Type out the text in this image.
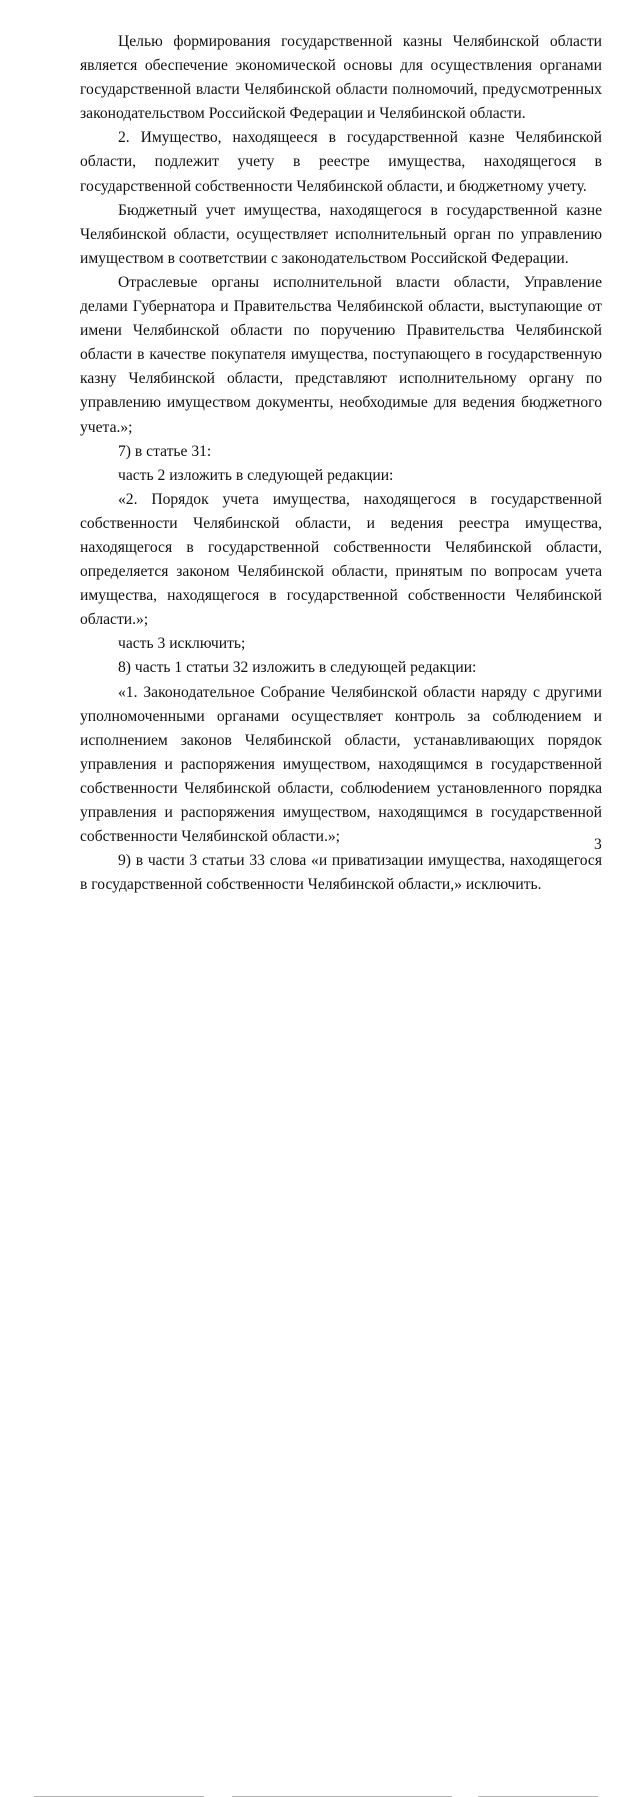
Целью формирования государственной казны Челябинской области является обеспечение экономической основы для осуществления органами государственной власти Челябинской области полномочий, предусмотренных законодательством Российской Федерации и Челябинской области.

2. Имущество, находящееся в государственной казне Челябинской области, подлежит учету в реестре имущества, находящегося в государственной собственности Челябинской области, и бюджетному учету.

Бюджетный учет имущества, находящегося в государственной казне Челябинской области, осуществляет исполнительный орган по управлению имуществом в соответствии с законодательством Российской Федерации.

Отраслевые органы исполнительной власти области, Управление делами Губернатора и Правительства Челябинской области, выступающие от имени Челябинской области по поручению Правительства Челябинской области в качестве покупателя имущества, поступающего в государственную казну Челябинской области, представляют исполнительному органу по управлению имуществом документы, необходимые для ведения бюджетного учета.»;

7) в статье 31:

часть 2 изложить в следующей редакции:

«2. Порядок учета имущества, находящегося в государственной собственности Челябинской области, и ведения реестра имущества, находящегося в государственной собственности Челябинской области, определяется законом Челябинской области, принятым по вопросам учета имущества, находящегося в государственной собственности Челябинской области.»;

часть 3 исключить;

8) часть 1 статьи 32 изложить в следующей редакции:

«1. Законодательное Собрание Челябинской области наряду с другими уполномоченными органами осуществляет контроль за соблюдением и исполнением законов Челябинской области, устанавливающих порядок управления и распоряжения имуществом, находящимся в государственной собственности Челябинской области, соблюdением установленного порядка управления и распоряжения имуществом, находящимся в государственной собственности Челябинской области.»;

9) в части 3 статьи 33 слова «и приватизации имущества, находящегося в государственной собственности Челябинской области,» исключить.

3
